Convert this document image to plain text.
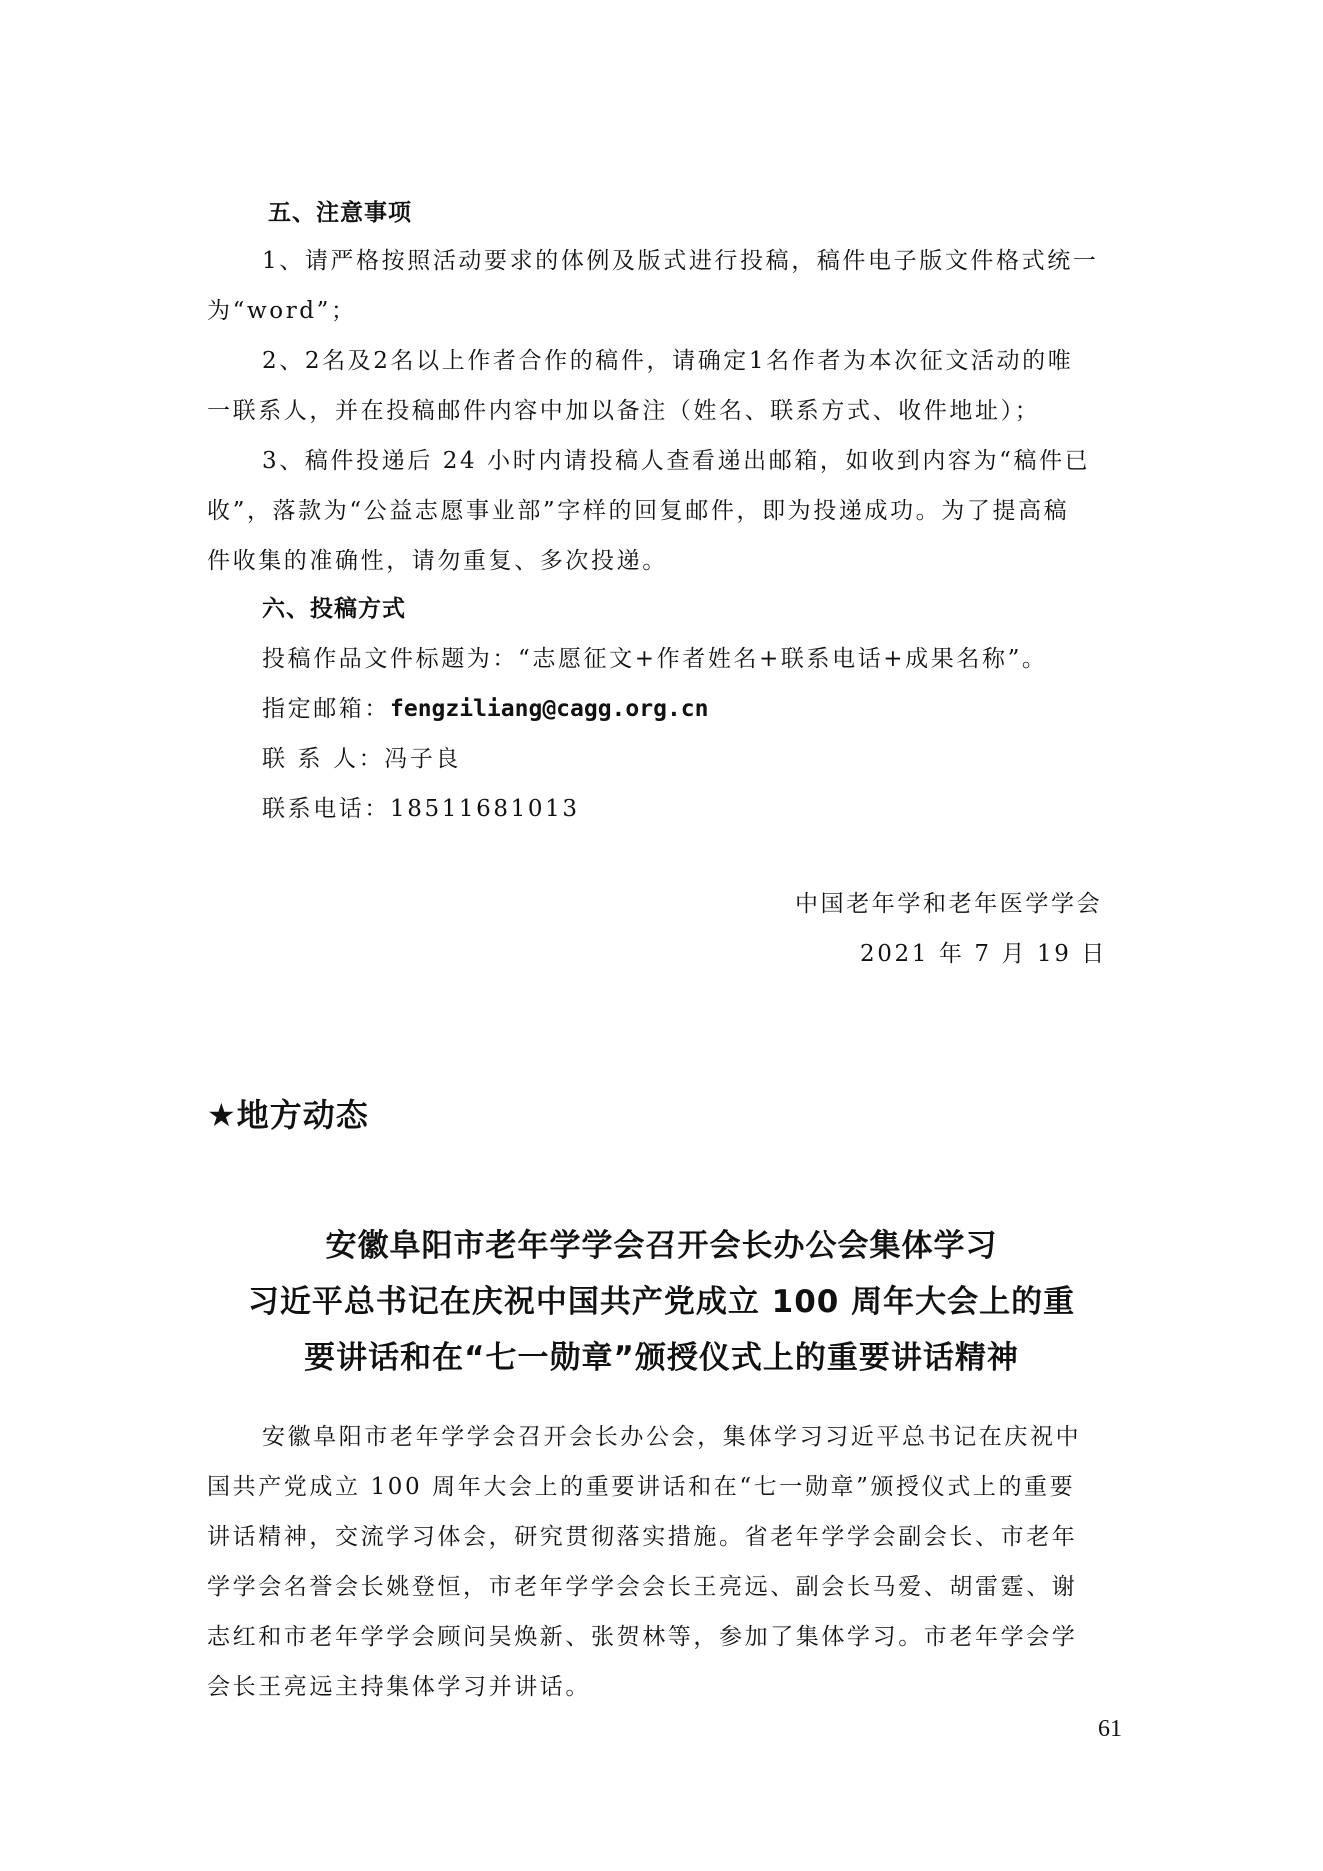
五、注意事项
1、请严格按照活动要求的体例及版式进行投稿，稿件电子版文件格式统一
为“word”；
2、2名及2名以上作者合作的稿件，请确定1名作者为本次征文活动的唯
一联系人，并在投稿邮件内容中加以备注（姓名、联系方式、收件地址）；
3、稿件投递后 24 小时内请投稿人查看递出邮箱，如收到内容为“稿件已
收”，落款为“公益志愿事业部”字样的回复邮件，即为投递成功。为了提高稿
件收集的准确性，请勿重复、多次投递。
六、投稿方式
投稿作品文件标题为：“志愿征文+作者姓名+联系电话+成果名称”。
指定邮箱：fengziliang@cagg.org.cn
联 系 人：冯子良
联系电话：18511681013
中国老年学和老年医学学会
2021 年 7 月 19 日
★地方动态
安徽阜阳市老年学学会召开会长办公会集体学习
习近平总书记在庆祝中国共产党成立 100 周年大会上的重
要讲话和在“七一勋章”颁授仪式上的重要讲话精神
安徽阜阳市老年学学会召开会长办公会，集体学习习近平总书记在庆祝中
国共产党成立 100 周年大会上的重要讲话和在“七一勋章”颁授仪式上的重要
讲话精神，交流学习体会，研究贯彻落实措施。省老年学学会副会长、市老年
学学会名誉会长姚登恒，市老年学学会会长王亮远、副会长马爱、胡雷霆、谢
志红和市老年学学会顾问吴焕新、张贺林等，参加了集体学习。市老年学会学
会长王亮远主持集体学习并讲话。
61
